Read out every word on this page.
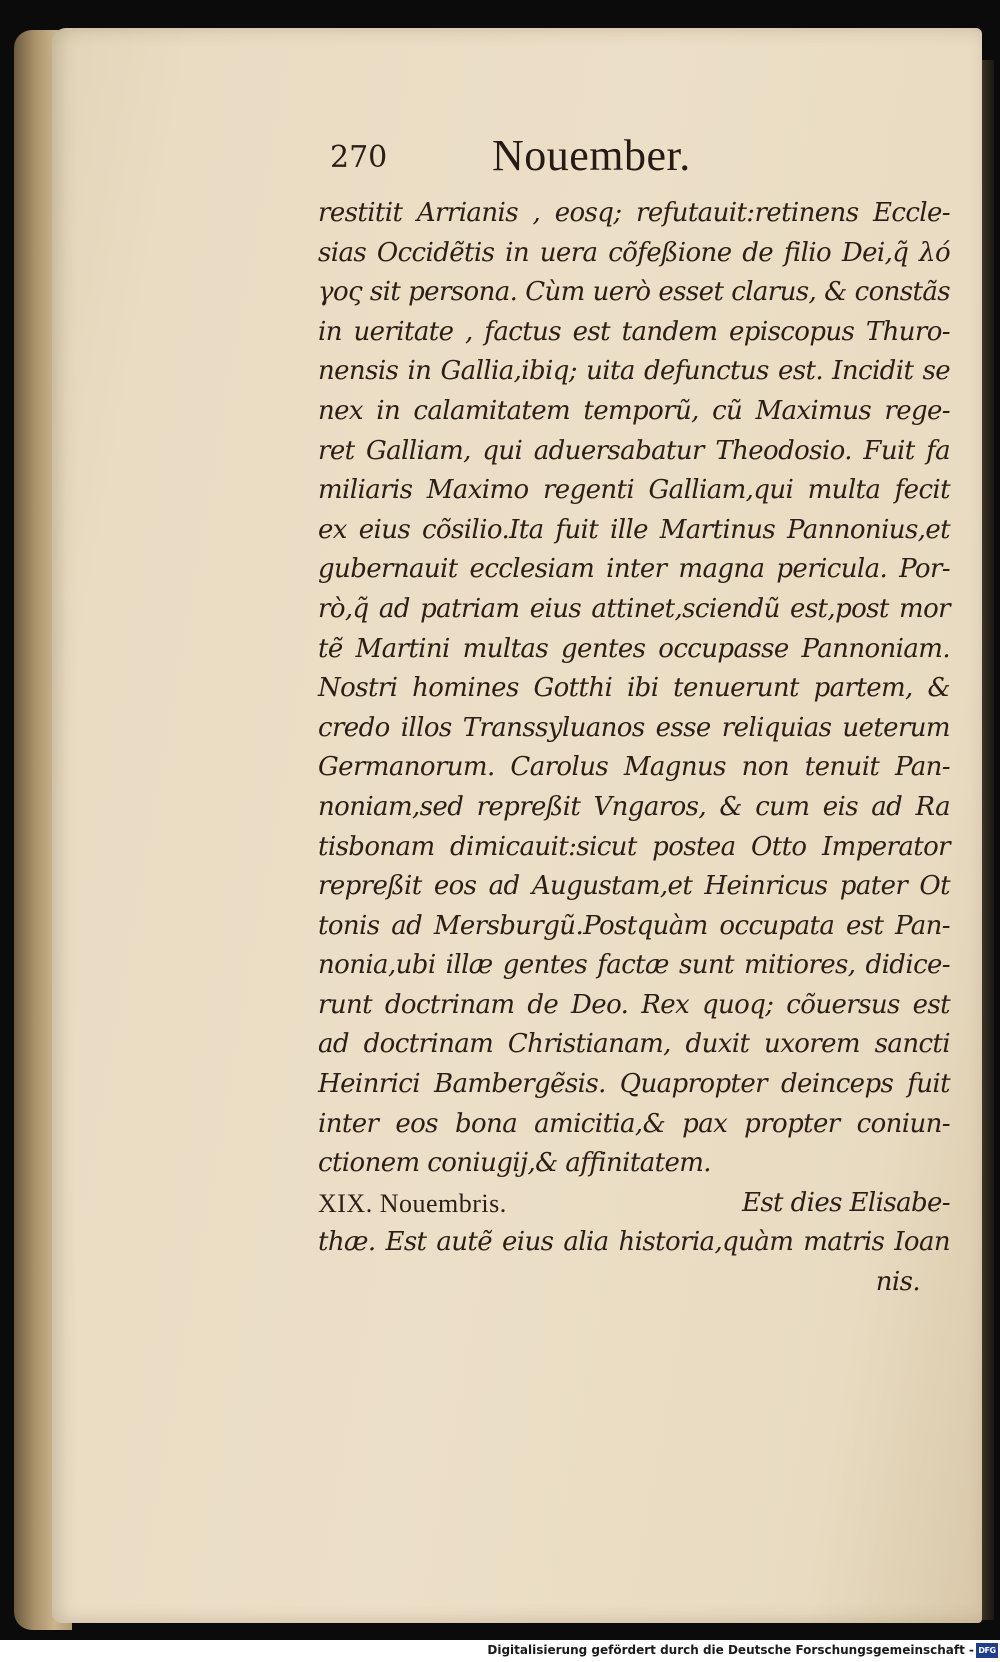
270 Nouember.
restitit Arrianis , eosq; refutauit:retinens Eccle-
sias Occidẽtis in uera cõfeßione de filio Dei,q̃ λό
γος sit persona. Cùm uerò esset clarus, & constãs
in ueritate , factus est tandem episcopus Thuro-
nensis in Gallia,ibiq; uita defunctus est. Incidit se
nex in calamitatem temporũ, cũ Maximus rege-
ret Galliam, qui aduersabatur Theodosio. Fuit fa
miliaris Maximo regenti Galliam,qui multa fecit
ex eius cõsilio.Ita fuit ille Martinus Pannonius,et
gubernauit ecclesiam inter magna pericula. Por-
rò,q̃ ad patriam eius attinet,sciendũ est,post mor
tẽ Martini multas gentes occupasse Pannoniam.
Nostri homines Gotthi ibi tenuerunt partem, &
credo illos Transsyluanos esse reliquias ueterum
Germanorum. Carolus Magnus non tenuit Pan-
noniam,sed repreßit Vngaros, & cum eis ad Ra
tisbonam dimicauit:sicut postea Otto Imperator
repreßit eos ad Augustam,et Heinricus pater Ot
tonis ad Mersburgũ.Postquàm occupata est Pan-
nonia,ubi illæ gentes factæ sunt mitiores, didice-
runt doctrinam de Deo. Rex quoq; cõuersus est
ad doctrinam Christianam, duxit uxorem sancti
Heinrici Bambergẽsis. Quapropter deinceps fuit
inter eos bona amicitia,& pax propter coniun-
ctionem coniugij,& affinitatem.
XIX. Nouembris.	Est dies Elisabe-
thæ. Est autẽ eius alia historia,quàm matris Ioan
nis.
Digitalisierung gefördert durch die Deutsche Forschungsgemeinschaft - DFG
